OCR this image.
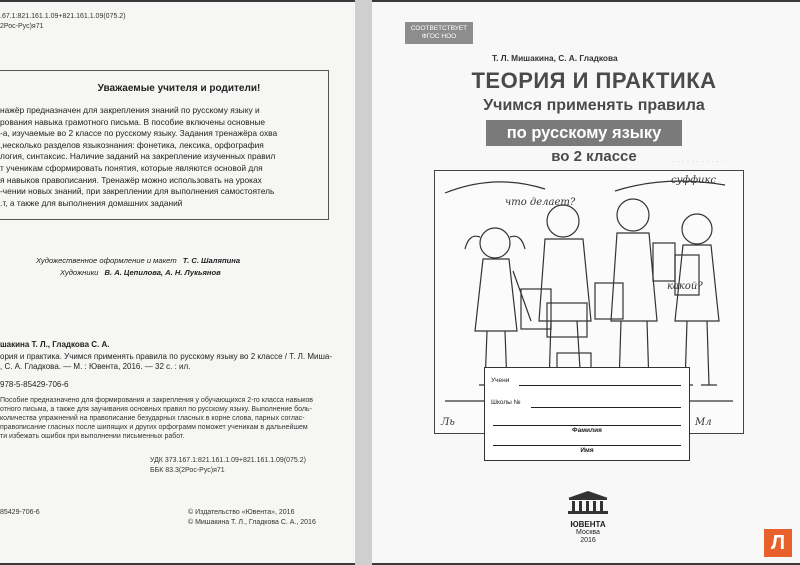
.67.1:821.161.1.09+821.161.1.09(075.2)
2Рос-Рус)я71
Уважаемые учителя и родители!
нажёр предназначен для закрепления знаний по русскому языку и
рования навыка грамотного письма. В пособие включены основные
а, изучаемые во 2 классе по русскому языку. Задания тренажёра охва-
несколько разделов языкознания: фонетика, лексика, орфография,
логия, синтаксис. Наличие заданий на закрепление изученных правил
т ученикам сформировать понятия, которые являются основой для
я навыков правописания. Тренажёр можно использовать на уроках
чении новых знаний, при закреплении для выполнения самостоятель-
т, а также для выполнения домашних заданий.
Художественное оформление и макет Т. С. Шаляпина
Художники В. А. Цепилова, А. Н. Лукьянов
шакина Т. Л., Гладкова С. А.
ория и практика. Учимся применять правила по русскому языку во 2 классе / Т. Л. Миша-
, С. А. Гладкова. — М. : Ювента, 2016. — 32 с. : ил.
978-5-85429-706-6
Пособие предназначено для формирования и закрепления у обучающихся 2-го класса навыков
отного письма, а также для заучивания основных правил по русскому языку. Выполнение боль-
количества упражнений на правописание безударных гласных в корне слова, парных соглас-
правописание гласных после шипящих и других орфограмм поможет ученикам в дальнейшем
ти избежать ошибок при выполнении письменных работ.
УДК 373.167.1:821.161.1.09+821.161.1.09(075.2)
ББК 83.3(2Рос-Рус)я71
85429-706-6	© Издательство «Ювента», 2016
© Мишакина Т. Л., Гладкова С. А., 2016
· · · · · · · · · · ·
СООТВЕТСТВУЕТ
ФГОС НОО
Т. Л. Мишакина, С. А. Гладкова
ТЕОРИЯ И ПРАКТИКА
Учимся применять правила
по русскому языку
во 2 классе
Ль
суффикс
что делает?
какой?
Мл
Учени
Школы №
Фамилия
Имя
ЮВЕНТА
Москва
2016	Л
